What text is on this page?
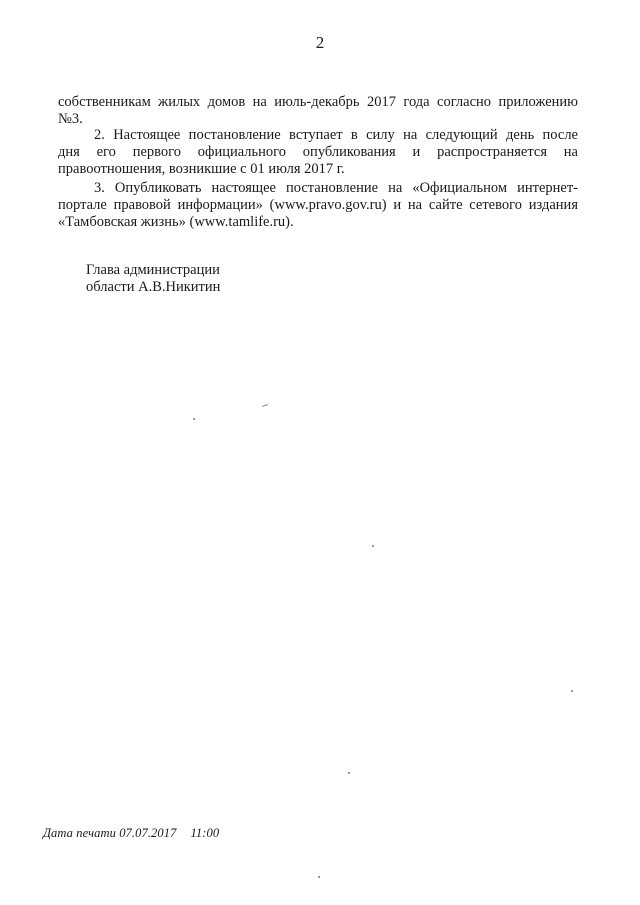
2
собственникам жилых домов на июль-декабрь 2017 года согласно приложению
№3.
2. Настоящее постановление вступает в силу на следующий день после
дня его первого официального опубликования и распространяется на
правоотношения, возникшие с 01 июля 2017 г.
3. Опубликовать настоящее постановление на «Официальном интернет-
портале правовой информации» (www.pravo.gov.ru) и на сайте сетевого издания
«Тамбовская жизнь» (www.tamlife.ru).
Глава администрации
области А.В.Никитин
Дата печати 07.07.2017 11:00
